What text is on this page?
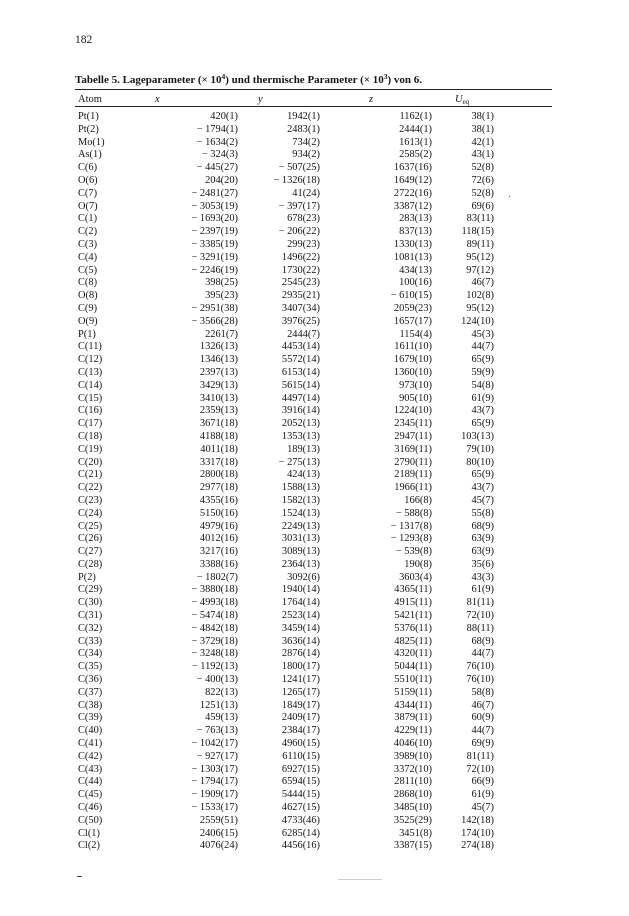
182
Tabelle 5. Lageparameter (× $10^4$) und thermische Parameter (× $10^3$) von 6.
Atom	x	y	z	$U_{eq}$
Pt(1)	420(1)	1942(1)	1162(1)	38(1)
Pt(2)	− 1794(1)	2483(1)	2444(1)	38(1)
Mo(1)	− 1634(2)	734(2)	1613(1)	42(1)
As(1)	− 324(3)	934(2)	2585(2)	43(1)
C(6)	− 445(27)	− 507(25)	1637(16)	52(8)
O(6)	204(20)	− 1326(18)	1649(12)	72(6)
C(7)	− 2481(27)	41(24)	2722(16)	52(8)
O(7)	− 3053(19)	− 397(17)	3387(12)	69(6)
C(1)	− 1693(20)	678(23)	283(13)	83(11)
C(2)	− 2397(19)	− 206(22)	837(13)	118(15)
C(3)	− 3385(19)	299(23)	1330(13)	89(11)
C(4)	− 3291(19)	1496(22)	1081(13)	95(12)
C(5)	− 2246(19)	1730(22)	434(13)	97(12)
C(8)	398(25)	2545(23)	100(16)	46(7)
O(8)	395(23)	2935(21)	− 610(15)	102(8)
C(9)	− 2951(38)	3407(34)	2059(23)	95(12)
O(9)	− 3566(28)	3976(25)	1657(17)	124(10)
P(1)	2261(7)	2444(7)	1154(4)	45(3)
C(11)	1326(13)	4453(14)	1611(10)	44(7)
C(12)	1346(13)	5572(14)	1679(10)	65(9)
C(13)	2397(13)	6153(14)	1360(10)	59(9)
C(14)	3429(13)	5615(14)	973(10)	54(8)
C(15)	3410(13)	4497(14)	905(10)	61(9)
C(16)	2359(13)	3916(14)	1224(10)	43(7)
C(17)	3671(18)	2052(13)	2345(11)	65(9)
C(18)	4188(18)	1353(13)	2947(11)	103(13)
C(19)	4011(18)	189(13)	3169(11)	79(10)
C(20)	3317(18)	− 275(13)	2790(11)	80(10)
C(21)	2800(18)	424(13)	2189(11)	65(9)
C(22)	2977(18)	1588(13)	1966(11)	43(7)
C(23)	4355(16)	1582(13)	166(8)	45(7)
C(24)	5150(16)	1524(13)	− 588(8)	55(8)
C(25)	4979(16)	2249(13)	− 1317(8)	68(9)
C(26)	4012(16)	3031(13)	− 1293(8)	63(9)
C(27)	3217(16)	3089(13)	− 539(8)	63(9)
C(28)	3388(16)	2364(13)	190(8)	35(6)
P(2)	− 1802(7)	3092(6)	3603(4)	43(3)
C(29)	− 3880(18)	1940(14)	4365(11)	61(9)
C(30)	− 4993(18)	1764(14)	4915(11)	81(11)
C(31)	− 5474(18)	2523(14)	5421(11)	72(10)
C(32)	− 4842(18)	3459(14)	5376(11)	88(11)
C(33)	− 3729(18)	3636(14)	4825(11)	68(9)
C(34)	− 3248(18)	2876(14)	4320(11)	44(7)
C(35)	− 1192(13)	1800(17)	5044(11)	76(10)
C(36)	− 400(13)	1241(17)	5510(11)	76(10)
C(37)	822(13)	1265(17)	5159(11)	58(8)
C(38)	1251(13)	1849(17)	4344(11)	46(7)
C(39)	459(13)	2409(17)	3879(11)	60(9)
C(40)	− 763(13)	2384(17)	4229(11)	44(7)
C(41)	− 1042(17)	4960(15)	4046(10)	69(9)
C(42)	− 927(17)	6110(15)	3989(10)	81(11)
C(43)	− 1303(17)	6927(15)	3372(10)	72(10)
C(44)	− 1794(17)	6594(15)	2811(10)	66(9)
C(45)	− 1909(17)	5444(15)	2868(10)	61(9)
C(46)	− 1533(17)	4627(15)	3485(10)	45(7)
C(50)	2559(51)	4733(46)	3525(29)	142(18)
Cl(1)	2406(15)	6285(14)	3451(8)	174(10)
Cl(2)	4076(24)	4456(16)	3387(15)	274(18)
·
